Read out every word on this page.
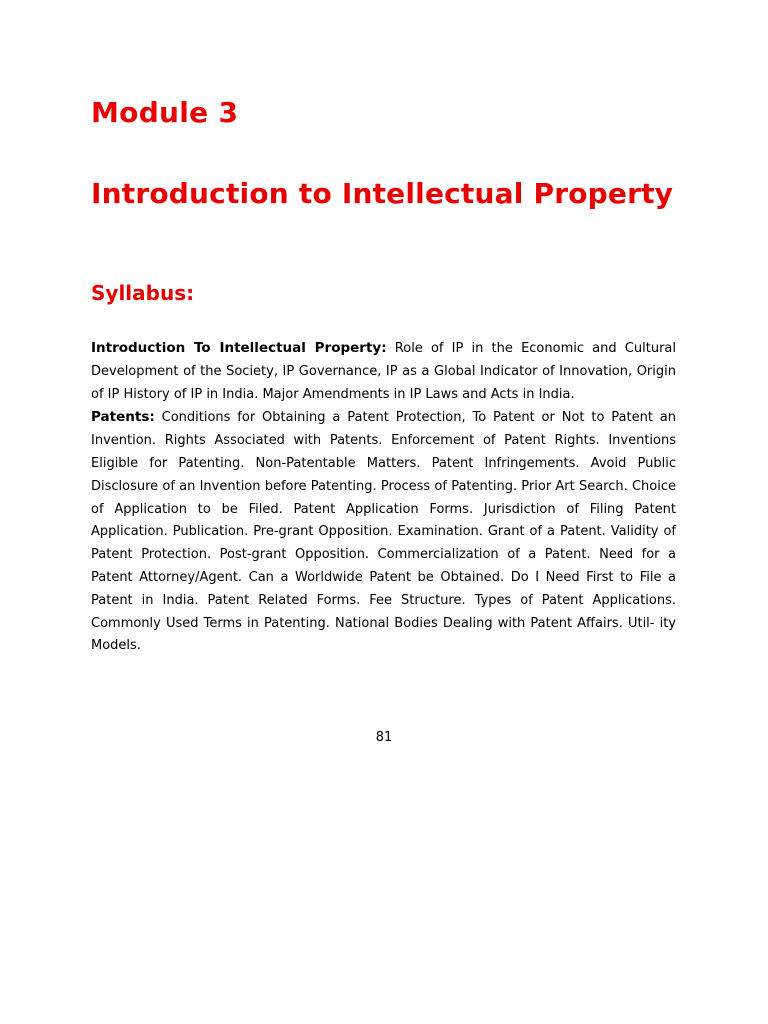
Module 3
Introduction to Intellectual Property
Syllabus:

Introduction To Intellectual Property: Role of IP in the Economic and Cultural Development of the Society, IP Governance, IP as a Global Indicator of Innovation, Origin of IP History of IP in India. Major Amendments in IP Laws and Acts in India.

Patents: Conditions for Obtaining a Patent Protection, To Patent or Not to Patent an Invention. Rights Associated with Patents. Enforcement of Patent Rights. Inventions Eligible for Patenting. Non-Patentable Matters. Patent Infringements. Avoid Public Disclosure of an Invention before Patenting. Process of Patenting. Prior Art Search. Choice of Application to be Filed. Patent Application Forms. Jurisdiction of Filing Patent Application. Publication. Pre-grant Opposition. Examination. Grant of a Patent. Validity of Patent Protection. Post-grant Opposition. Commercialization of a Patent. Need for a Patent Attorney/Agent. Can a Worldwide Patent be Obtained. Do I Need First to File a Patent in India. Patent Related Forms. Fee Structure. Types of Patent Applications. Commonly Used Terms in Patenting. National Bodies Dealing with Patent Affairs. Util- ity Models.

81
